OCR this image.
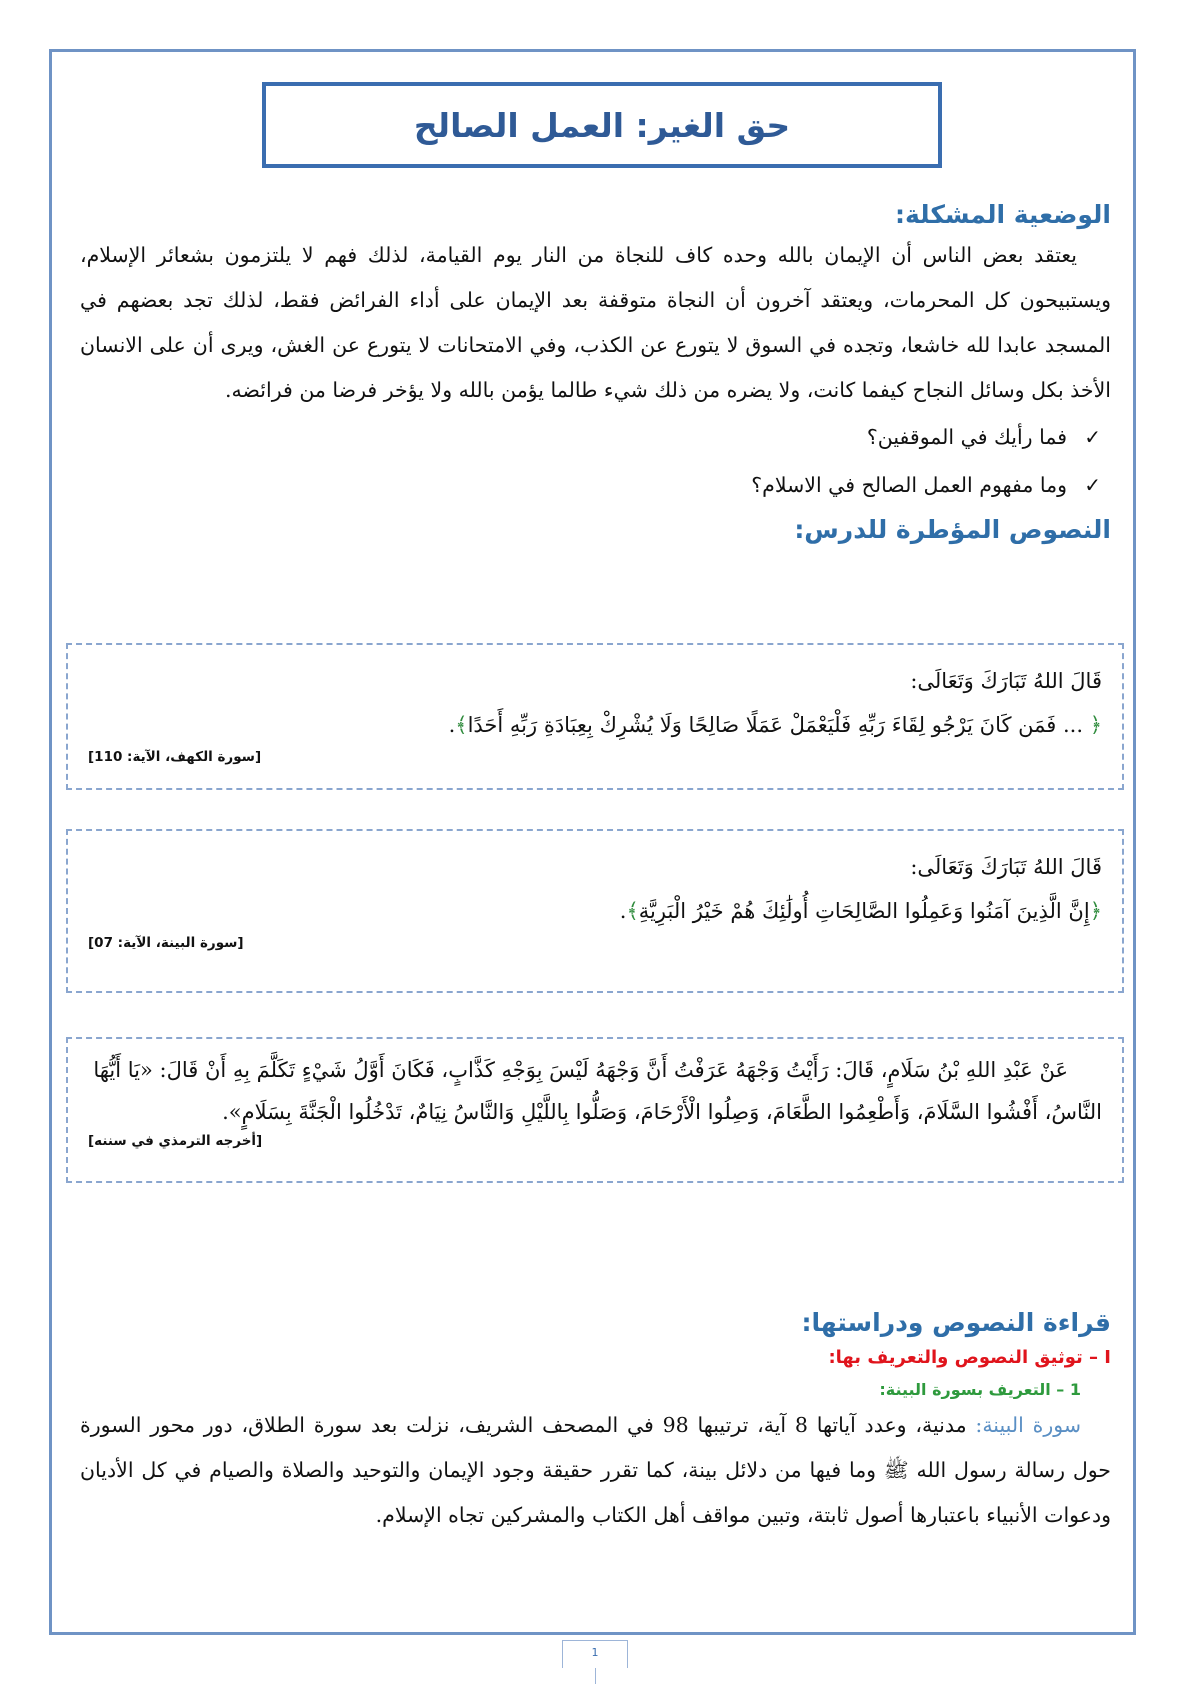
حق الغير: العمل الصالح
الوضعية المشكلة:

يعتقد بعض الناس أن الإيمان بالله وحده كاف للنجاة من النار يوم القيامة، لذلك فهم لا يلتزمون بشعائر الإسلام، ويستبيحون كل المحرمات، ويعتقد آخرون أن النجاة متوقفة بعد الإيمان على أداء الفرائض فقط، لذلك تجد بعضهم في المسجد عابدا لله خاشعا، وتجده في السوق لا يتورع عن الكذب، وفي الامتحانات لا يتورع عن الغش، ويرى أن على الانسان الأخذ بكل وسائل النجاح كيفما كانت، ولا يضره من ذلك شيء طالما يؤمن بالله ولا يؤخر فرضا من فرائضه.

✓
فما رأيك في الموقفين؟
✓
وما مفهوم العمل الصالح في الاسلام؟
النصوص المؤطرة للدرس:

قَالَ اللهُ تَبَارَكَ وَتَعَالَى:

﴿ ... فَمَن كَانَ يَرْجُو لِقَاءَ رَبِّهِ فَلْيَعْمَلْ عَمَلًا صَالِحًا وَلَا يُشْرِكْ بِعِبَادَةِ رَبِّهِ أَحَدًا﴾.

[سورة الكهف، الآية: 110]

قَالَ اللهُ تَبَارَكَ وَتَعَالَى:

﴿إِنَّ الَّذِينَ آمَنُوا وَعَمِلُوا الصَّالِحَاتِ أُولَٰئِكَ هُمْ خَيْرُ الْبَرِيَّةِ﴾.

[سورة البينة، الآية: 07]

عَنْ عَبْدِ اللهِ بْنُ سَلَامٍ، قَالَ: رَأَيْتُ وَجْهَهُ عَرَفْتُ أَنَّ وَجْهَهُ لَيْسَ بِوَجْهِ كَذَّابٍ، فَكَانَ أَوَّلُ شَيْءٍ تَكَلَّمَ بِهِ أَنْ قَالَ: «يَا أَيُّهَا النَّاسُ، أَفْشُوا السَّلَامَ، وَأَطْعِمُوا الطَّعَامَ، وَصِلُوا الْأَرْحَامَ، وَصَلُّوا بِاللَّيْلِ وَالنَّاسُ نِيَامٌ، تَدْخُلُوا الْجَنَّةَ بِسَلَامٍ».

[أخرجه الترمذي في سننه]

قراءة النصوص ودراستها:

I – توثيق النصوص والتعريف بها:

1 – التعريف بسورة البينة:

سورة البينة: مدنية، وعدد آياتها 8 آية، ترتيبها 98 في المصحف الشريف، نزلت بعد سورة الطلاق، دور محور السورة حول رسالة رسول الله ﷺ وما فيها من دلائل بينة، كما تقرر حقيقة وجود الإيمان والتوحيد والصلاة والصيام في كل الأديان ودعوات الأنبياء باعتبارها أصول ثابتة، وتبين مواقف أهل الكتاب والمشركين تجاه الإسلام.

1
